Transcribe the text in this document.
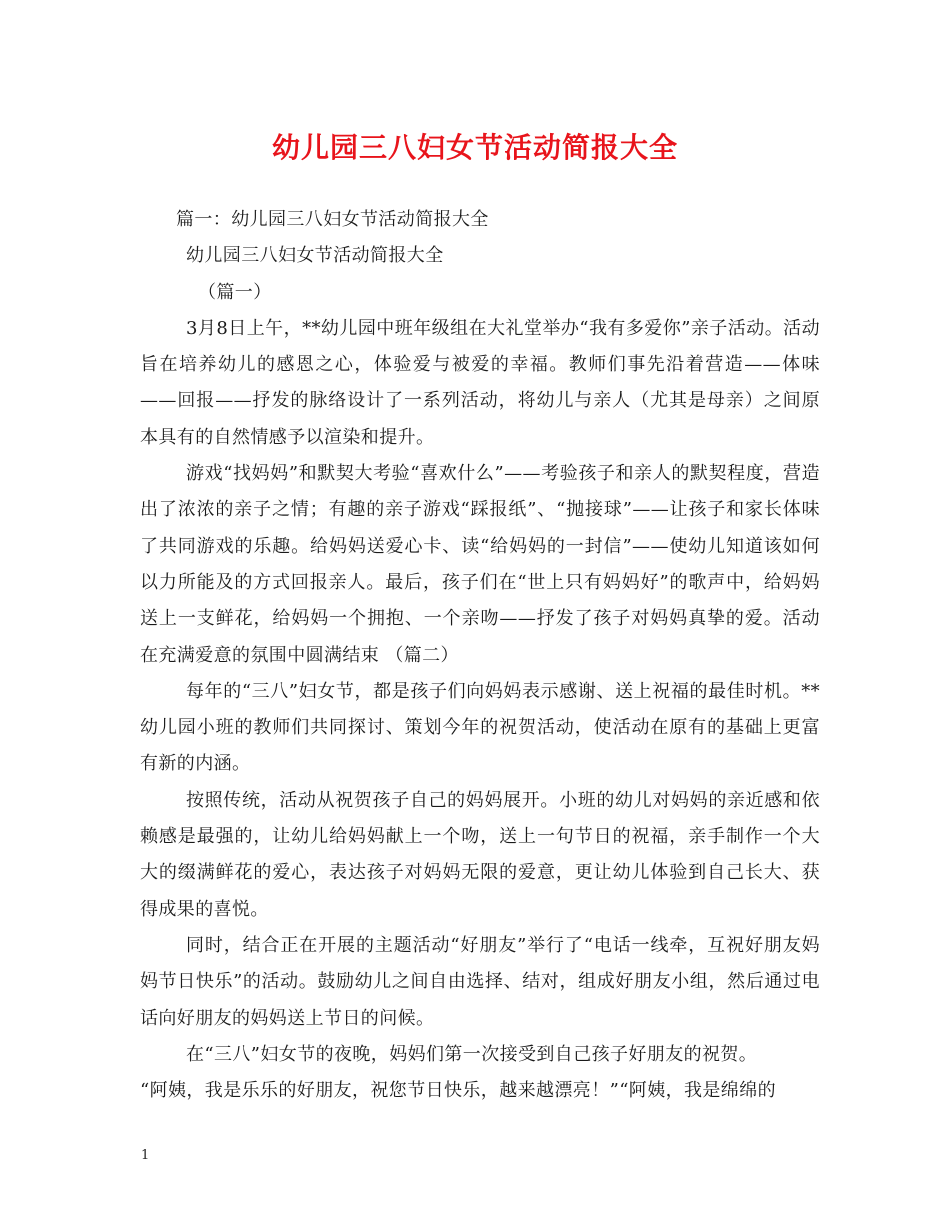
幼儿园三八妇女节活动简报大全

篇一：幼儿园三八妇女节活动简报大全

幼儿园三八妇女节活动简报大全

（篇一）

3月8日上午，**幼儿园中班年级组在大礼堂举办“我有多爱你”亲子活动。活动旨在培养幼儿的感恩之心，体验爱与被爱的幸福。教师们事先沿着营造——体味——回报——抒发的脉络设计了一系列活动，将幼儿与亲人（尤其是母亲）之间原本具有的自然情感予以渲染和提升。

游戏“找妈妈”和默契大考验“喜欢什么”——考验孩子和亲人的默契程度，营造出了浓浓的亲子之情；有趣的亲子游戏“踩报纸”、“抛接球”——让孩子和家长体味了共同游戏的乐趣。给妈妈送爱心卡、读“给妈妈的一封信”——使幼儿知道该如何以力所能及的方式回报亲人。最后，孩子们在“世上只有妈妈好”的歌声中，给妈妈送上一支鲜花，给妈妈一个拥抱、一个亲吻——抒发了孩子对妈妈真挚的爱。活动在充满爱意的氛围中圆满结束 （篇二）

每年的“三八”妇女节，都是孩子们向妈妈表示感谢、送上祝福的最佳时机。**幼儿园小班的教师们共同探讨、策划今年的祝贺活动，使活动在原有的基础上更富有新的内涵。

按照传统，活动从祝贺孩子自己的妈妈展开。小班的幼儿对妈妈的亲近感和依赖感是最强的，让幼儿给妈妈献上一个吻，送上一句节日的祝福，亲手制作一个大大的缀满鲜花的爱心，表达孩子对妈妈无限的爱意，更让幼儿体验到自己长大、获得成果的喜悦。

同时，结合正在开展的主题活动“好朋友”举行了“电话一线牵，互祝好朋友妈妈节日快乐”的活动。鼓励幼儿之间自由选择、结对，组成好朋友小组，然后通过电话向好朋友的妈妈送上节日的问候。

在“三八”妇女节的夜晚，妈妈们第一次接受到自己孩子好朋友的祝贺。

“阿姨，我是乐乐的好朋友，祝您节日快乐，越来越漂亮！”“阿姨，我是绵绵的

1
